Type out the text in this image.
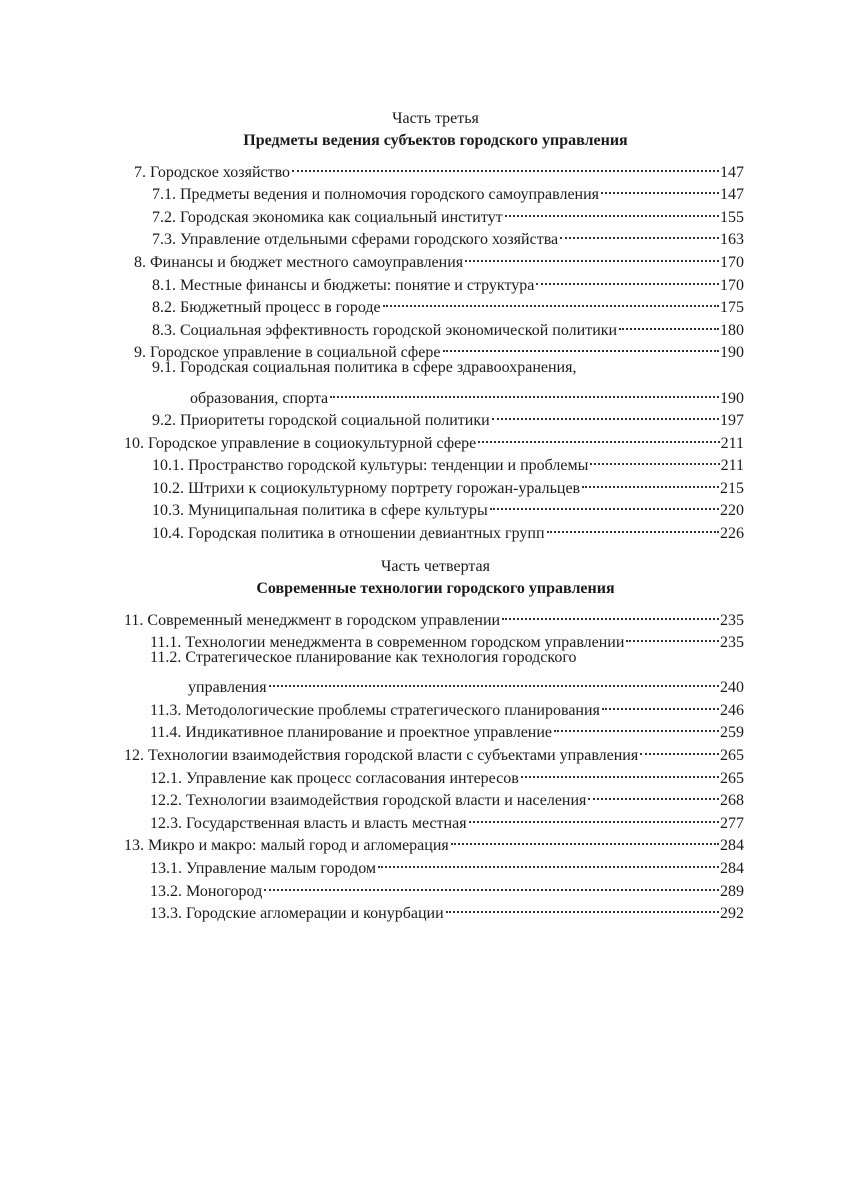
Часть третья
Предметы ведения субъектов городского управления
7. Городское хозяйство	147
7.1. Предметы ведения и полномочия городского самоуправления	147
7.2. Городская экономика как социальный институт	155
7.3. Управление отдельными сферами городского хозяйства	163
8. Финансы и бюджет местного самоуправления	170
8.1. Местные финансы и бюджеты: понятие и структура	170
8.2. Бюджетный процесс в городе	175
8.3. Социальная эффективность городской экономической политики	180
9. Городское управление в социальной сфере	190
9.1. Городская социальная политика в сфере здравоохранения,
образования, спорта	190
9.2. Приоритеты городской социальной политики	197
10. Городское управление в социокультурной сфере	211
10.1. Пространство городской культуры: тенденции и проблемы	211
10.2. Штрихи к социокультурному портрету горожан-уральцев	215
10.3. Муниципальная политика в сфере культуры	220
10.4. Городская политика в отношении девиантных групп	226
Часть четвертая
Современные технологии городского управления
11. Современный менеджмент в городском управлении	235
11.1. Технологии менеджмента в современном городском управлении	235
11.2. Стратегическое планирование как технология городского
управления	240
11.3. Методологические проблемы стратегического планирования	246
11.4. Индикативное планирование и проектное управление	259
12. Технологии взаимодействия городской власти с субъектами управления	265
12.1. Управление как процесс согласования интересов	265
12.2. Технологии взаимодействия городской власти и населения	268
12.3. Государственная власть и власть местная	277
13. Микро и макро: малый город и агломерация	284
13.1. Управление малым городом	284
13.2. Моногород	289
13.3. Городские агломерации и конурбации	292
